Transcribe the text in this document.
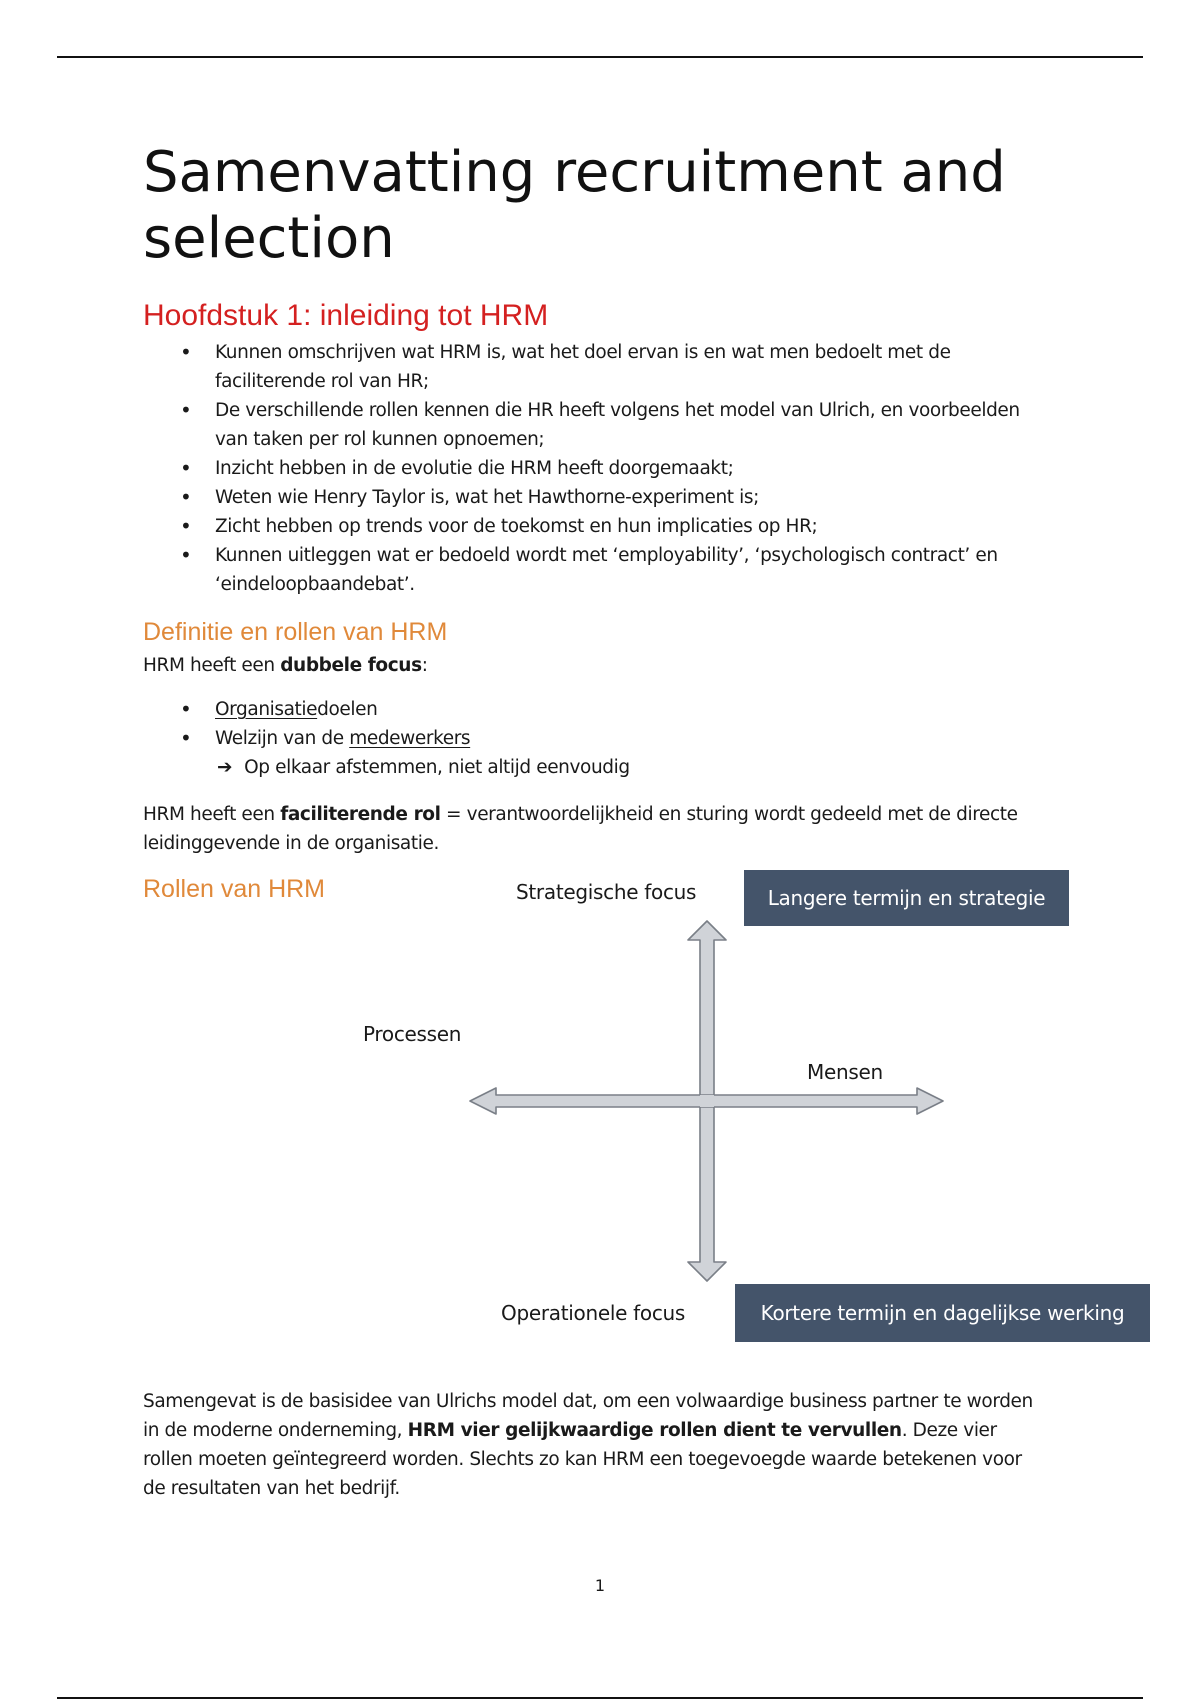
Samenvatting recruitment and selection
Hoofdstuk 1: inleiding tot HRM
• Kunnen omschrijven wat HRM is, wat het doel ervan is en wat men bedoelt met de faciliterende rol van HR;
• De verschillende rollen kennen die HR heeft volgens het model van Ulrich, en voorbeelden van taken per rol kunnen opnoemen;
• Inzicht hebben in de evolutie die HRM heeft doorgemaakt;
• Weten wie Henry Taylor is, wat het Hawthorne-experiment is;
• Zicht hebben op trends voor de toekomst en hun implicaties op HR;
• Kunnen uitleggen wat er bedoeld wordt met ‘employability’, ‘psychologisch contract’ en ‘eindeloopbaandebat’.
Definitie en rollen van HRM

HRM heeft een dubbele focus:

• Organisatiedoelen
• Welzijn van de medewerkers
➔ Op elkaar afstemmen, niet altijd eenvoudig

HRM heeft een faciliterende rol = verantwoordelijkheid en sturing wordt gedeeld met de directe leidinggevende in de organisatie.

Rollen van HRM	Strategische focus	Langere termijn en strategie
Processen
Mensen
Operationele focus	Kortere termijn en dagelijkse werking

Samengevat is de basisidee van Ulrichs model dat, om een volwaardige business partner te worden in de moderne onderneming, HRM vier gelijkwaardige rollen dient te vervullen. Deze vier rollen moeten geïntegreerd worden. Slechts zo kan HRM een toegevoegde waarde betekenen voor de resultaten van het bedrijf.

1
